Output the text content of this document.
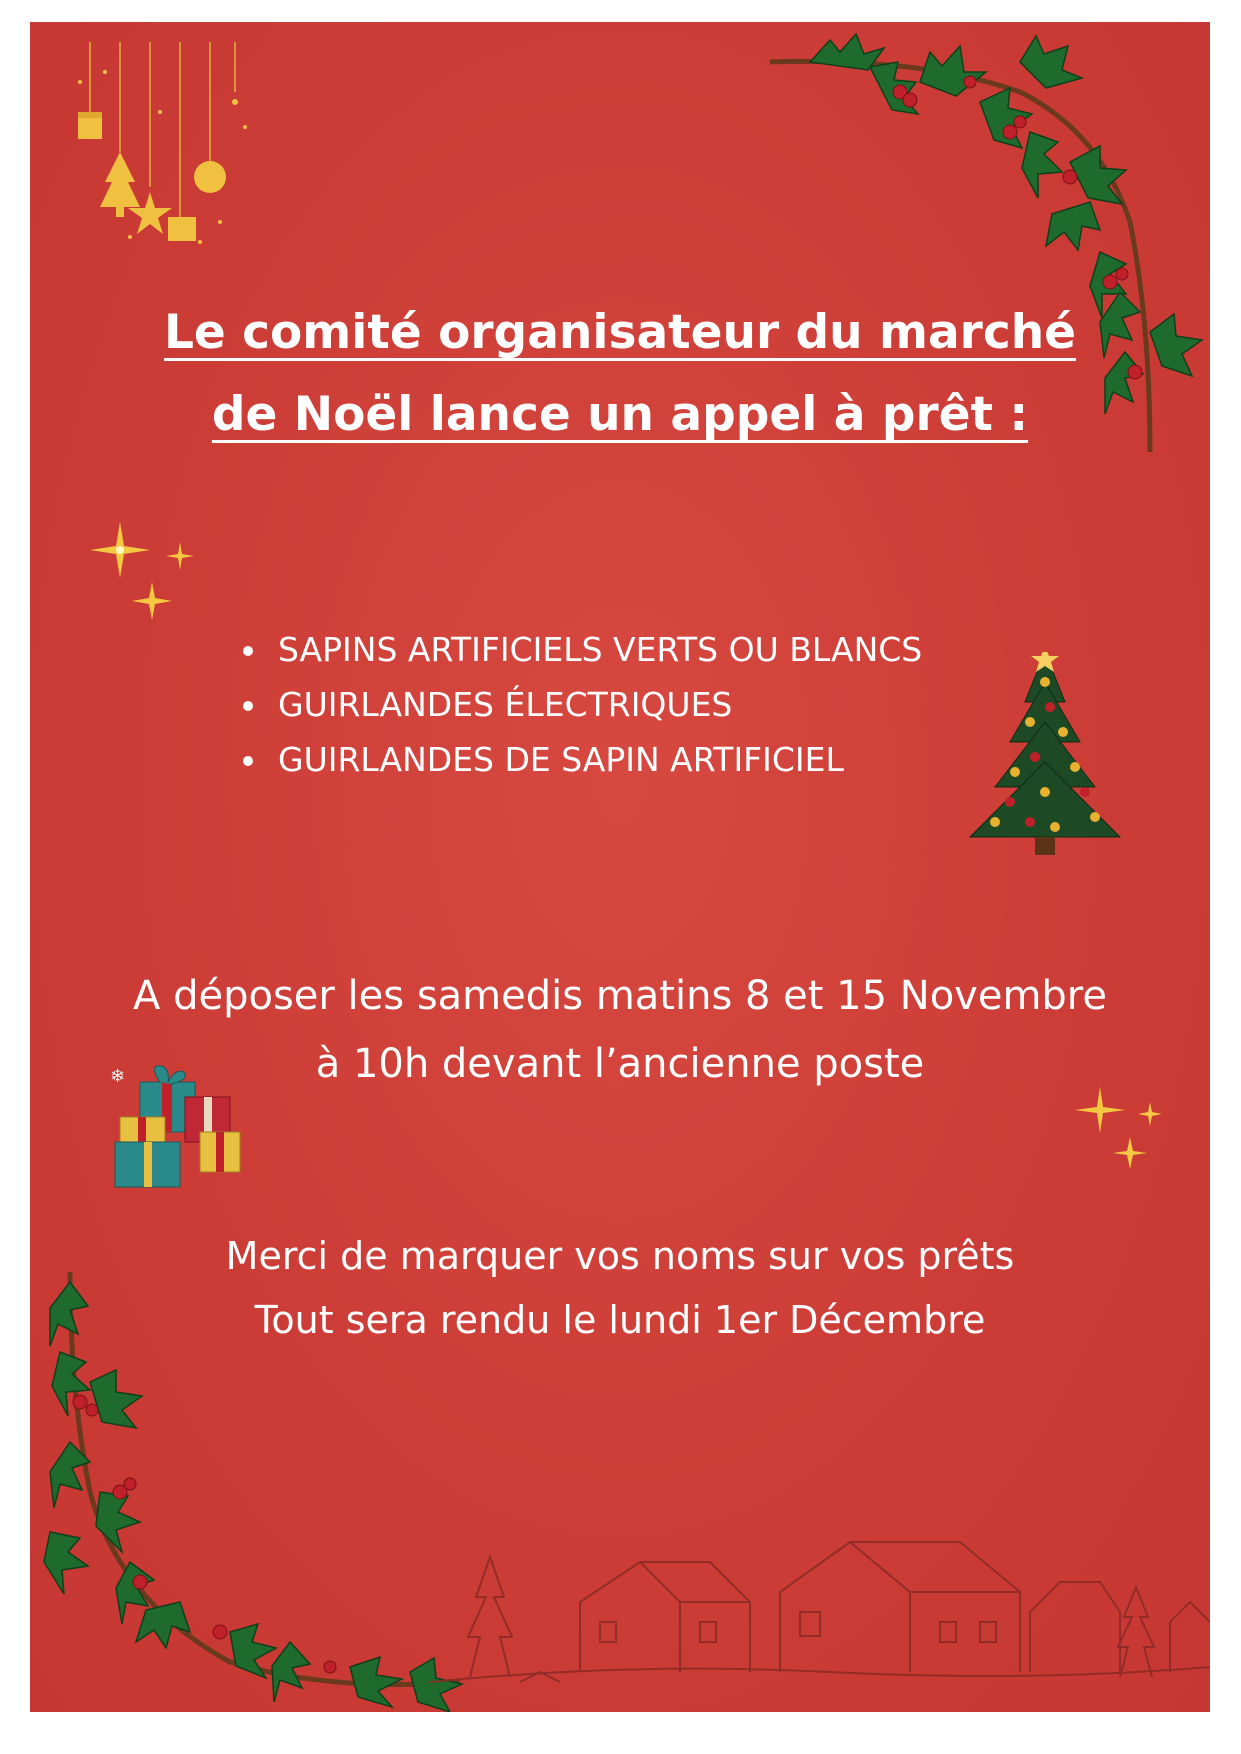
Le comité organisateur du marché
de Noël lance un appel à prêt :
• SAPINS ARTIFICIELS VERTS OU BLANCS
• GUIRLANDES ÉLECTRIQUES
• GUIRLANDES DE SAPIN ARTIFICIEL
A déposer les samedis matins 8 et 15 Novembre
à 10h devant l’ancienne poste
❄
Merci de marquer vos noms sur vos prêts
Tout sera rendu le lundi 1er Décembre
